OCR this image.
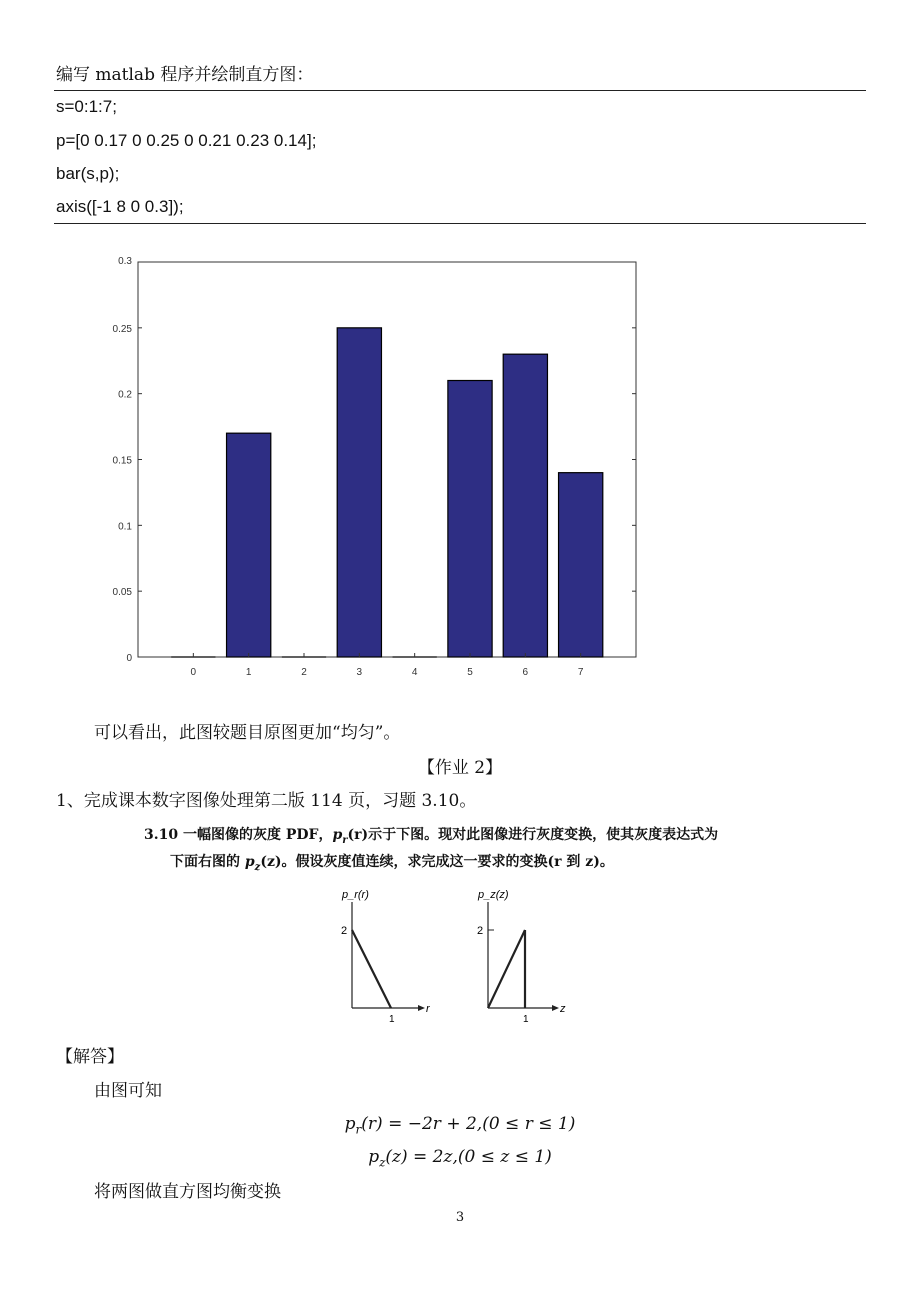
编写 matlab 程序并绘制直方图：
s=0:1:7;
p=[0 0.17 0 0.25 0 0.21 0.23 0.14];
bar(s,p);
axis([-1 8 0 0.3]);
0
0.05
0.1
0.15
0.2
0.25
0.3
0	1	2	3	4	5	6	7
可以看出，此图较题目原图更加“均匀”。
【作业 2】
1、完成课本数字图像处理第二版 114 页，习题 3.10。
3.10 一幅图像的灰度 PDF，$p_r(r)$示于下图。现对此图像进行灰度变换，使其灰度表达式为
下面右图的 $p_z(z)$。假设灰度值连续，求完成这一要求的变换(r 到 z)。
p_r(r)
2
1
r
p_z(z)
2
1
z
【解答】
由图可知
$p_r(r) = -2r + 2,(0 \le r \le 1)$
$p_z(z) = 2z,(0 \le z \le 1)$
将两图做直方图均衡变换
3
